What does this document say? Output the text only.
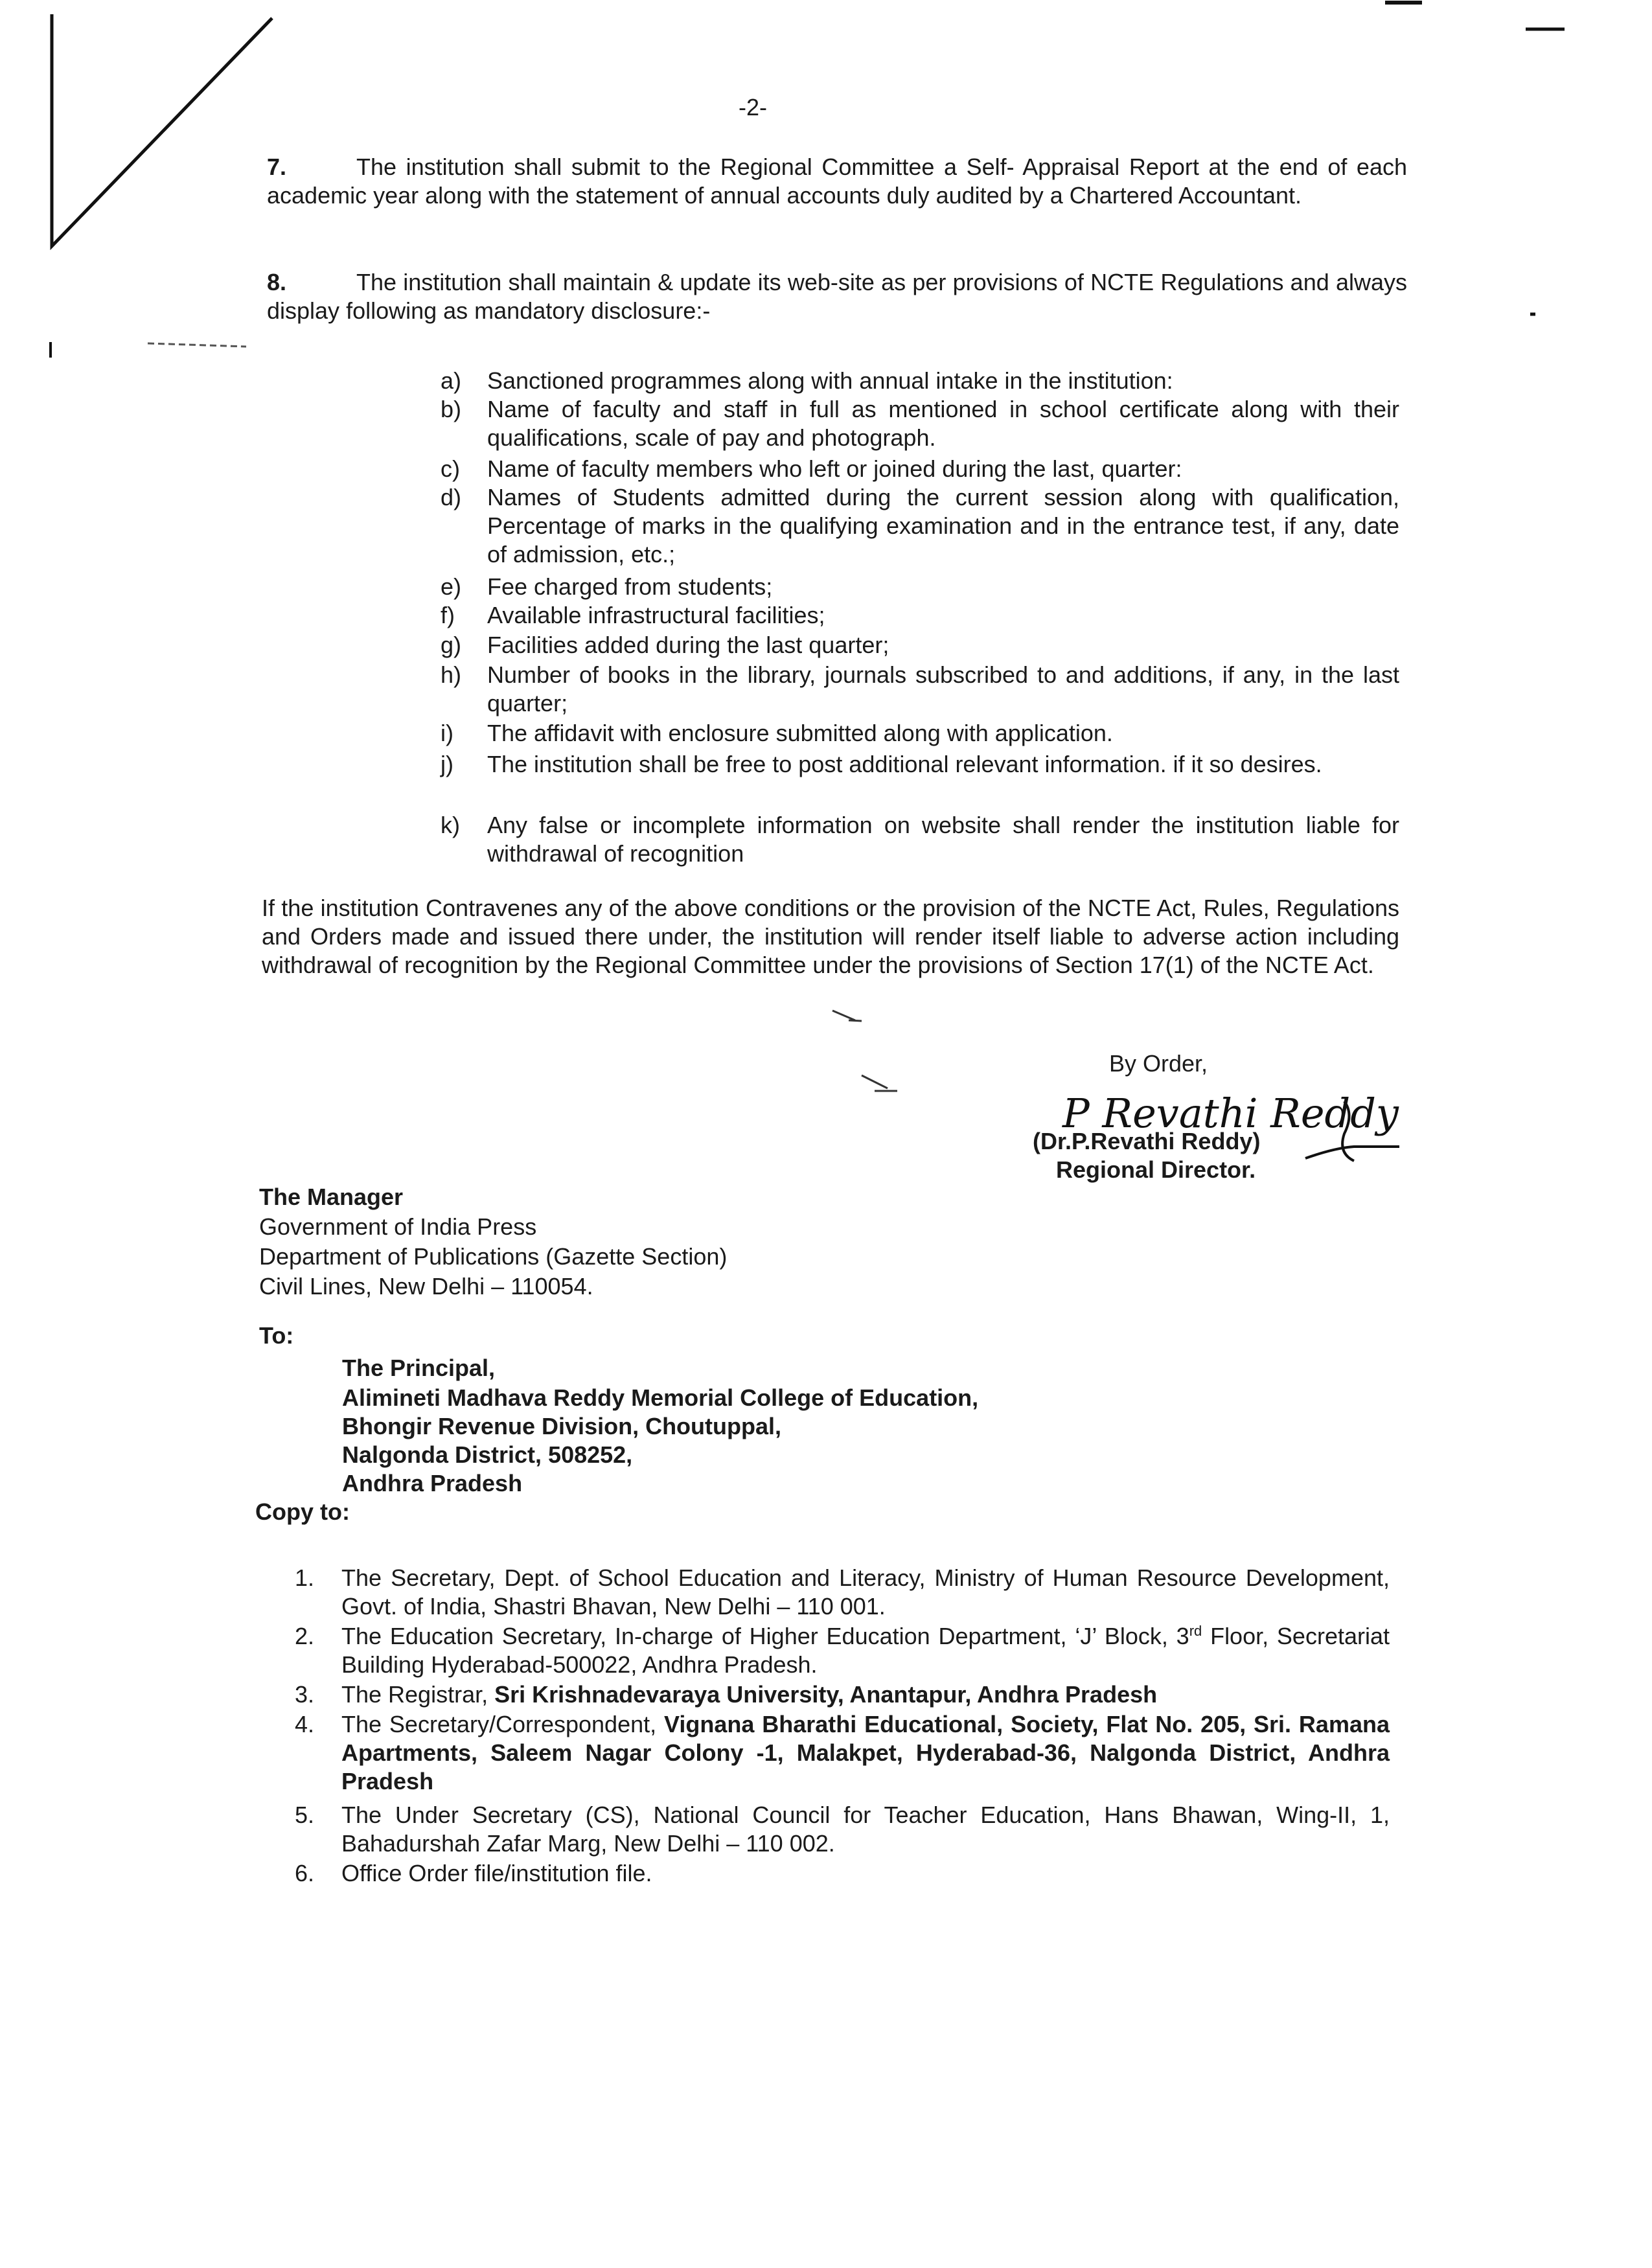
-2-
7.	The institution shall submit to the Regional Committee a Self- Appraisal Report at the end of each academic year along with the statement of annual accounts duly audited by a Chartered Accountant.
8.	The institution shall maintain & update its web-site as per provisions of NCTE Regulations and always display following as mandatory disclosure:-
a)	Sanctioned programmes along with annual intake in the institution:
b)	Name of faculty and staff in full as mentioned in school certificate along with their qualifications, scale of pay and photograph.
c)	Name of faculty members who left or joined during the last, quarter:
d)	Names of Students admitted during the current session along with qualification, Percentage of marks in the qualifying examination and in the entrance test, if any, date of admission, etc.;
e)	Fee charged from students;
f)	Available infrastructural facilities;
g)	Facilities added during the last quarter;
h)	Number of books in the library, journals subscribed to and additions, if any, in the last quarter;
i)	The affidavit with enclosure submitted along with application.
j)	The institution shall be free to post additional relevant information. if it so desires.
k)	Any false or incomplete information on website shall render the institution liable for withdrawal of recognition
If the institution Contravenes any of the above conditions or the provision of the NCTE Act, Rules, Regulations and Orders made and issued there under, the institution will render itself liable to adverse action including withdrawal of recognition by the Regional Committee under the provisions of Section 17(1) of the NCTE Act.
By Order,
P Revathi Reddy
(Dr.P.Revathi Reddy)
Regional Director.
The Manager
Government of India Press
Department of Publications (Gazette Section)
Civil Lines, New Delhi – 110054.
To:
The Principal,
Alimineti Madhava Reddy Memorial College of Education,
Bhongir Revenue Division, Choutuppal,
Nalgonda District, 508252,
Andhra Pradesh
Copy to:
1.	The Secretary, Dept. of School Education and Literacy, Ministry of Human Resource Development, Govt. of India, Shastri Bhavan, New Delhi – 110 001.
2.	The Education Secretary, In-charge of Higher Education Department, ‘J’ Block, 3rd Floor, Secretariat Building Hyderabad-500022, Andhra Pradesh.
3.	The Registrar, Sri Krishnadevaraya University, Anantapur, Andhra Pradesh
4.	The Secretary/Correspondent, Vignana Bharathi Educational, Society, Flat No. 205, Sri. Ramana Apartments, Saleem Nagar Colony -1, Malakpet, Hyderabad-36, Nalgonda District, Andhra Pradesh
5.	The Under Secretary (CS), National Council for Teacher Education, Hans Bhawan, Wing-II, 1, Bahadurshah Zafar Marg, New Delhi – 110 002.
6.	Office Order file/institution file.
